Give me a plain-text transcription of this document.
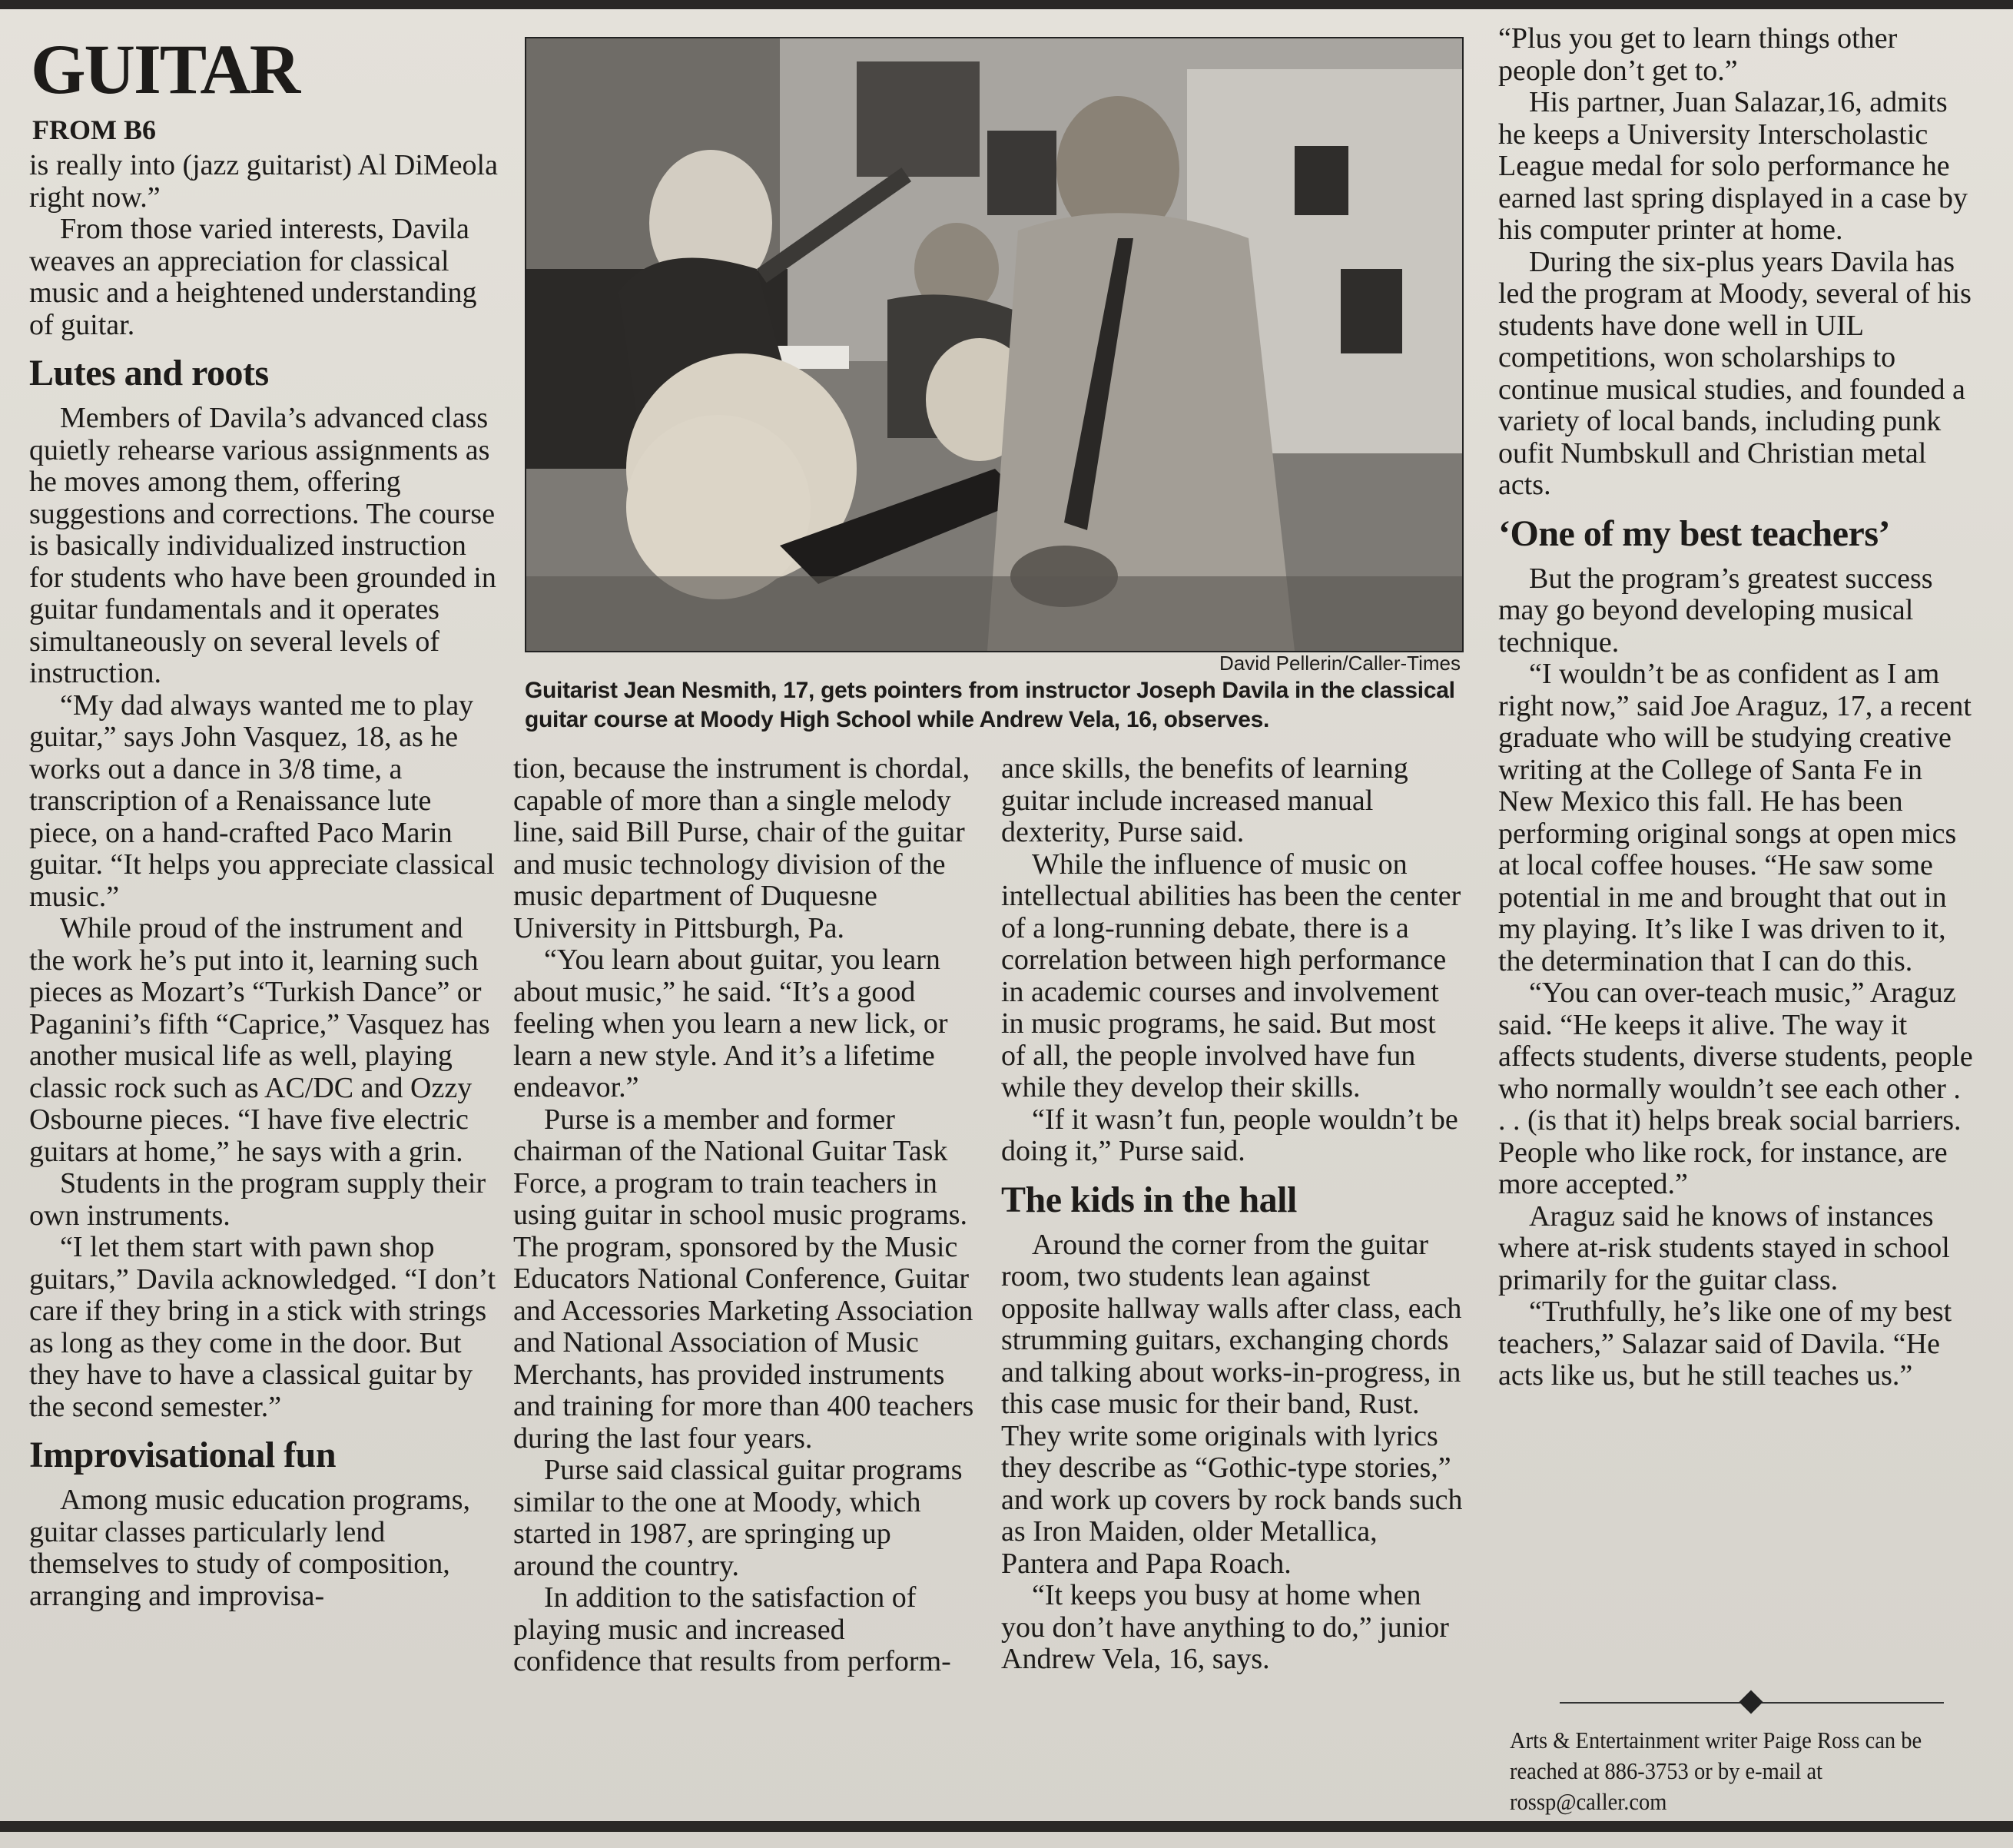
GUITAR
FROM B6

is really into (jazz guitarist) Al DiMeola right now.”

From those varied interests, Davila weaves an appreciation for classical music and a heightened understanding of guitar.

Lutes and roots

Members of Davila’s advanced class quietly rehearse various assignments as he moves among them, offering suggestions and corrections. The course is basically individualized instruction for students who have been grounded in guitar fundamentals and it operates simultaneously on several levels of instruction.

“My dad always wanted me to play guitar,” says John Vasquez, 18, as he works out a dance in 3/8 time, a transcription of a Renaissance lute piece, on a hand-crafted Paco Marin guitar. “It helps you appreciate classical music.”

While proud of the instrument and the work he’s put into it, learning such pieces as Mozart’s “Turkish Dance” or Paganini’s fifth “Caprice,” Vasquez has another musical life as well, playing classic rock such as AC/DC and Ozzy Osbourne pieces. “I have five electric guitars at home,” he says with a grin.

Students in the program supply their own instruments.

“I let them start with pawn shop guitars,” Davila acknowledged. “I don’t care if they bring in a stick with strings as long as they come in the door. But they have to have a classical guitar by the second semester.”

Improvisational fun

Among music education programs, guitar classes particularly lend themselves to study of composition, arranging and improvisa-

David Pellerin/Caller-Times
Guitarist Jean Nesmith, 17, gets pointers from instructor Joseph Davila in the classical guitar course at Moody High School while Andrew Vela, 16, observes.

tion, because the instrument is chordal, capable of more than a single melody line, said Bill Purse, chair of the guitar and music technology division of the music department of Duquesne University in Pittsburgh, Pa.

“You learn about guitar, you learn about music,” he said. “It’s a good feeling when you learn a new lick, or learn a new style. And it’s a lifetime endeavor.”

Purse is a member and former chairman of the National Guitar Task Force, a program to train teachers in using guitar in school music programs. The program, sponsored by the Music Educators National Conference, Guitar and Accessories Marketing Association and National Association of Music Merchants, has provided instruments and training for more than 400 teachers during the last four years.

Purse said classical guitar programs similar to the one at Moody, which started in 1987, are springing up around the country.

In addition to the satisfaction of playing music and increased confidence that results from perform-

ance skills, the benefits of learning guitar include increased manual dexterity, Purse said.

While the influence of music on intellectual abilities has been the center of a long-running debate, there is a correlation between high performance in academic courses and involvement in music programs, he said. But most of all, the people involved have fun while they develop their skills.

“If it wasn’t fun, people wouldn’t be doing it,” Purse said.

The kids in the hall

Around the corner from the guitar room, two students lean against opposite hallway walls after class, each strumming guitars, exchanging chords and talking about works-in-progress, in this case music for their band, Rust. They write some originals with lyrics they describe as “Gothic-type stories,” and work up covers by rock bands such as Iron Maiden, older Metallica, Pantera and Papa Roach.

“It keeps you busy at home when you don’t have anything to do,” junior Andrew Vela, 16, says.

“Plus you get to learn things other people don’t get to.”

His partner, Juan Salazar,16, admits he keeps a University Interscholastic League medal for solo performance he earned last spring displayed in a case by his computer printer at home.

During the six-plus years Davila has led the program at Moody, several of his students have done well in UIL competitions, won scholarships to continue musical studies, and founded a variety of local bands, including punk oufit Numbskull and Christian metal acts.

‘One of my best teachers’

But the program’s greatest success may go beyond developing musical technique.

“I wouldn’t be as confident as I am right now,” said Joe Araguz, 17, a recent graduate who will be studying creative writing at the College of Santa Fe in New Mexico this fall. He has been performing original songs at open mics at local coffee houses. “He saw some potential in me and brought that out in my playing. It’s like I was driven to it, the determination that I can do this.

“You can over-teach music,” Araguz said. “He keeps it alive. The way it affects students, diverse students, people who normally wouldn’t see each other . . . (is that it) helps break social barriers. People who like rock, for instance, are more accepted.”

Araguz said he knows of instances where at-risk students stayed in school primarily for the guitar class.

“Truthfully, he’s like one of my best teachers,” Salazar said of Davila. “He acts like us, but he still teaches us.”

Arts & Entertainment writer Paige Ross can be reached at 886-3753 or by e-mail at rossp@caller.com
